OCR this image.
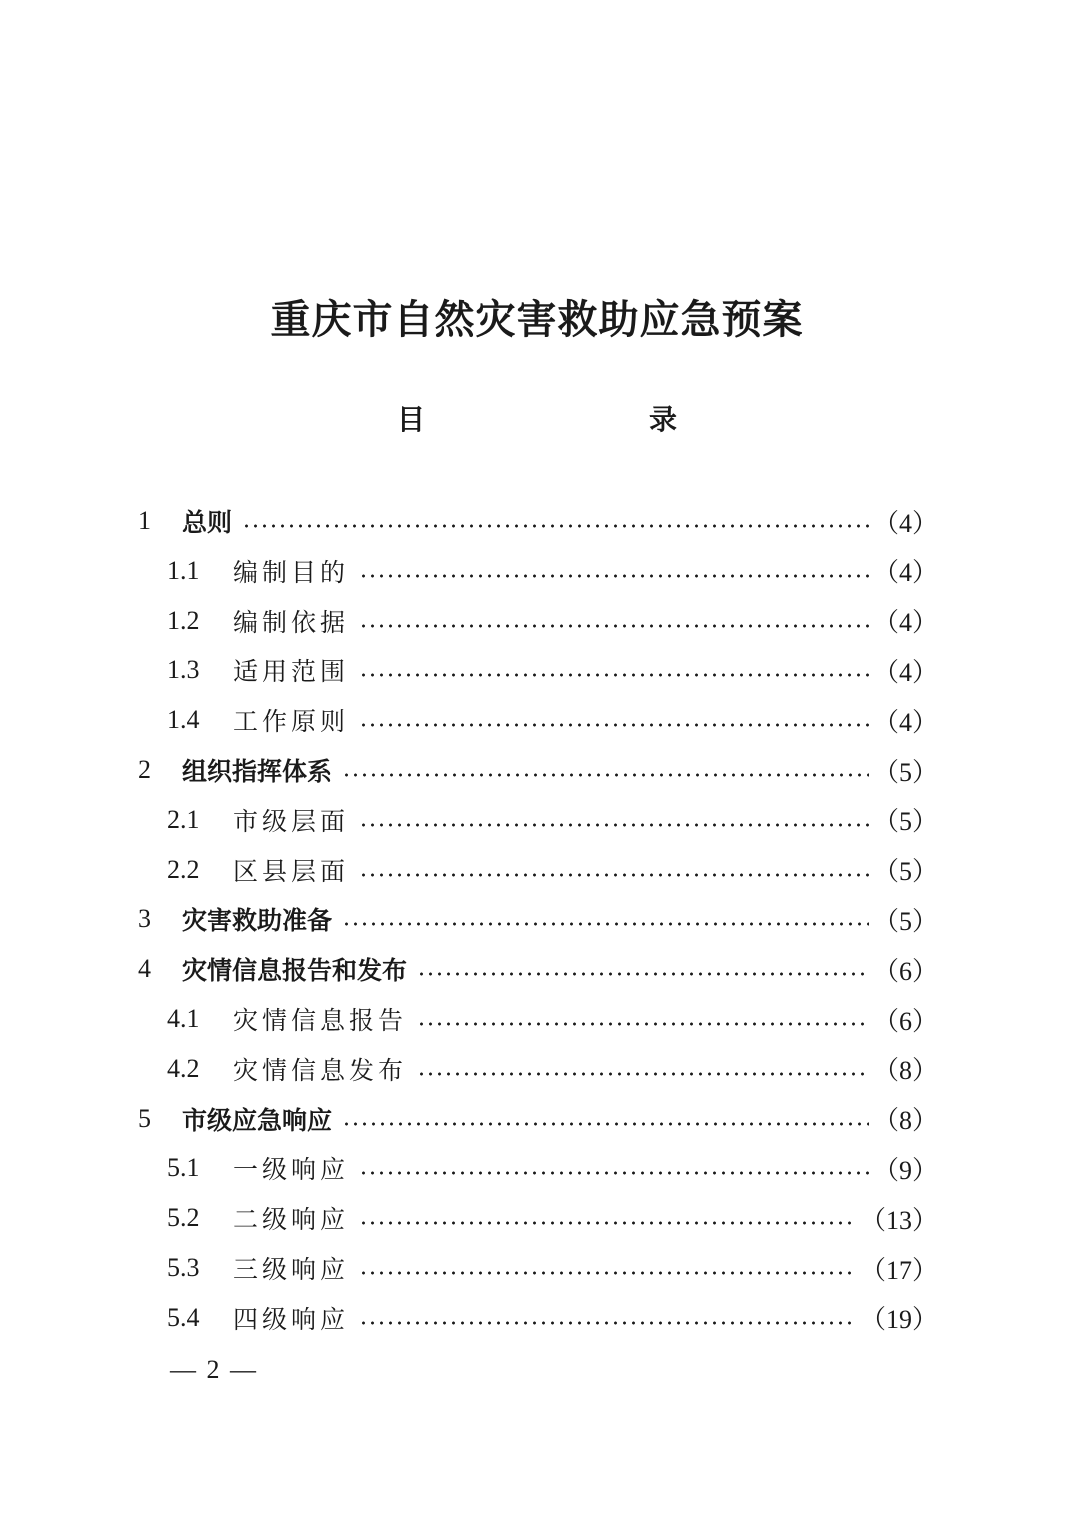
重庆市自然灾害救助应急预案
目　　录
1	总则	（4）
1.1	编制目的	（4）
1.2	编制依据	（4）
1.3	适用范围	（4）
1.4	工作原则	（4）
2	组织指挥体系	（5）
2.1	市级层面	（5）
2.2	区县层面	（5）
3	灾害救助准备	（5）
4	灾情信息报告和发布	（6）
4.1	灾情信息报告	（6）
4.2	灾情信息发布	（8）
5	市级应急响应	（8）
5.1	一级响应	（9）
5.2	二级响应	（13）
5.3	三级响应	（17）
5.4	四级响应	（19）

— 2 —
